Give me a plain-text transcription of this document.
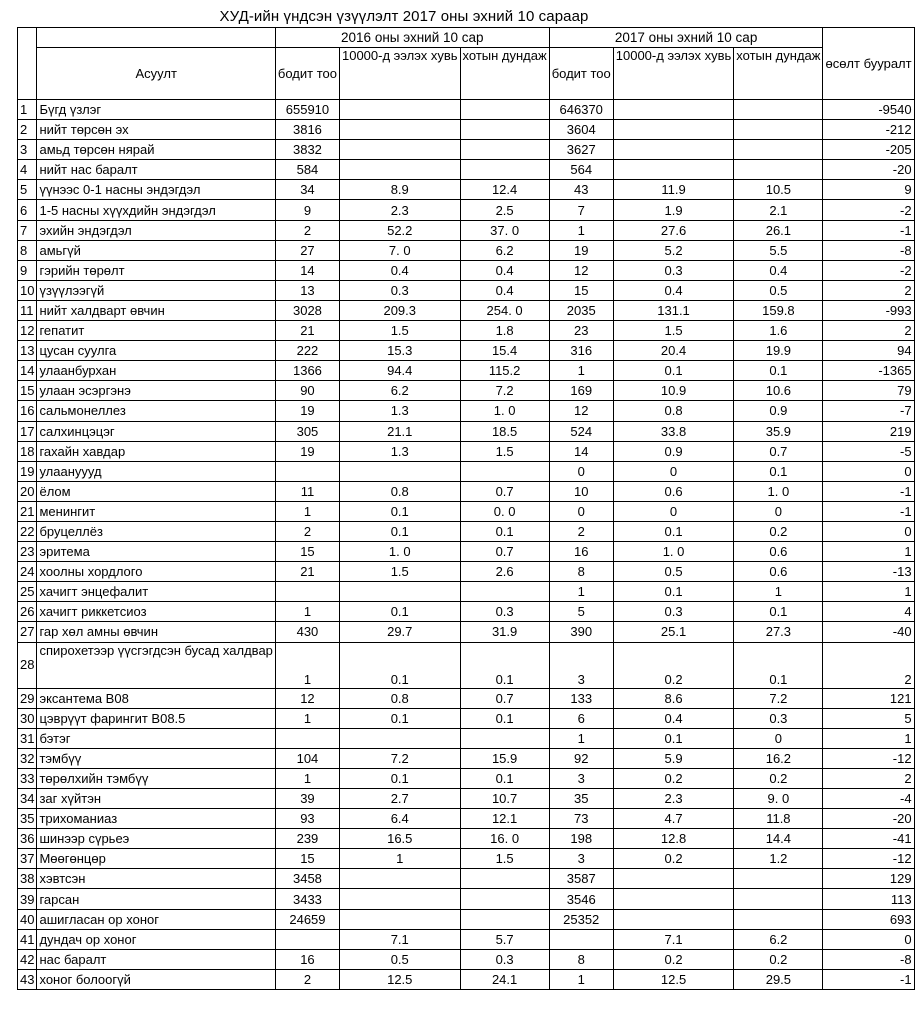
ХУД-ийн үндсэн үзүүлэлт 2017 оны эхний 10 сараар
		2016 оны эхний 10 сар			2017 оны эхний 10 сар			өсөлт бууралт
	Асуулт	бодит тоо	10000-д ээлэх хувь	хотын дундаж	бодит тоо	10000-д ээлэх хувь	хотын дундаж	
1	Бүгд үзлэг	655910			646370			-9540
2	нийт төрсөн эх	3816			3604			-212
3	амьд төрсөн нярай	3832			3627			-205
4	нийт нас баралт	584			564			-20
5	үүнээс 0-1 насны эндэгдэл	34	8.9	12.4	43	11.9	10.5	9
6	1-5 насны хүүхдийн эндэгдэл	9	2.3	2.5	7	1.9	2.1	-2
7	эхийн эндэгдэл	2	52.2	37. 0	1	27.6	26.1	-1
8	амьгүй	27	7. 0	6.2	19	5.2	5.5	-8
9	гэрийн төрөлт	14	0.4	0.4	12	0.3	0.4	-2
10	үзүүлээгүй	13	0.3	0.4	15	0.4	0.5	2
11	нийт халдварт өвчин	3028	209.3	254. 0	2035	131.1	159.8	-993
12	гепатит	21	1.5	1.8	23	1.5	1.6	2
13	цусан суулга	222	15.3	15.4	316	20.4	19.9	94
14	улаанбурхан	1366	94.4	115.2	1	0.1	0.1	-1365
15	улаан эсэргэнэ	90	6.2	7.2	169	10.9	10.6	79
16	сальмонеллез	19	1.3	1. 0	12	0.8	0.9	-7
17	салхинцэцэг	305	21.1	18.5	524	33.8	35.9	219
18	гахайн хавдар	19	1.3	1.5	14	0.9	0.7	-5
19	улаануууд				0	0	0.1	0
20	ёлом	11	0.8	0.7	10	0.6	1. 0	-1
21	менингит	1	0.1	0. 0	0	0	0	-1
22	бруцеллёз	2	0.1	0.1	2	0.1	0.2	0
23	эритема	15	1. 0	0.7	16	1. 0	0.6	1
24	хоолны хордлого	21	1.5	2.6	8	0.5	0.6	-13
25	хачигт энцефалит				1	0.1	1	1
26	хачигт риккетсиоз	1	0.1	0.3	5	0.3	0.1	4
27	гар хөл амны өвчин	430	29.7	31.9	390	25.1	27.3	-40
28	спирохетээр үүсгэгдсэн бусад халдвар	1	0.1	0.1	3	0.2	0.1	2
29	эксантема В08	12	0.8	0.7	133	8.6	7.2	121
30	цэврүүт фарингит В08.5	1	0.1	0.1	6	0.4	0.3	5
31	бэтэг				1	0.1	0	1
32	тэмбүү	104	7.2	15.9	92	5.9	16.2	-12
33	төрөлхийн тэмбүү	1	0.1	0.1	3	0.2	0.2	2
34	заг хүйтэн	39	2.7	10.7	35	2.3	9. 0	-4
35	трихоманиаз	93	6.4	12.1	73	4.7	11.8	-20
36	шинээр сүрьеэ	239	16.5	16. 0	198	12.8	14.4	-41
37	Мөөгөнцөр	15	1	1.5	3	0.2	1.2	-12
38	хэвтсэн	3458			3587			129
39	гарсан	3433			3546			113
40	ашигласан ор хоног	24659			25352			693
41	дундач ор хоног		7.1	5.7		7.1	6.2	0
42	нас баралт	16	0.5	0.3	8	0.2	0.2	-8
43	хоног болоогүй	2	12.5	24.1	1	12.5	29.5	-1
